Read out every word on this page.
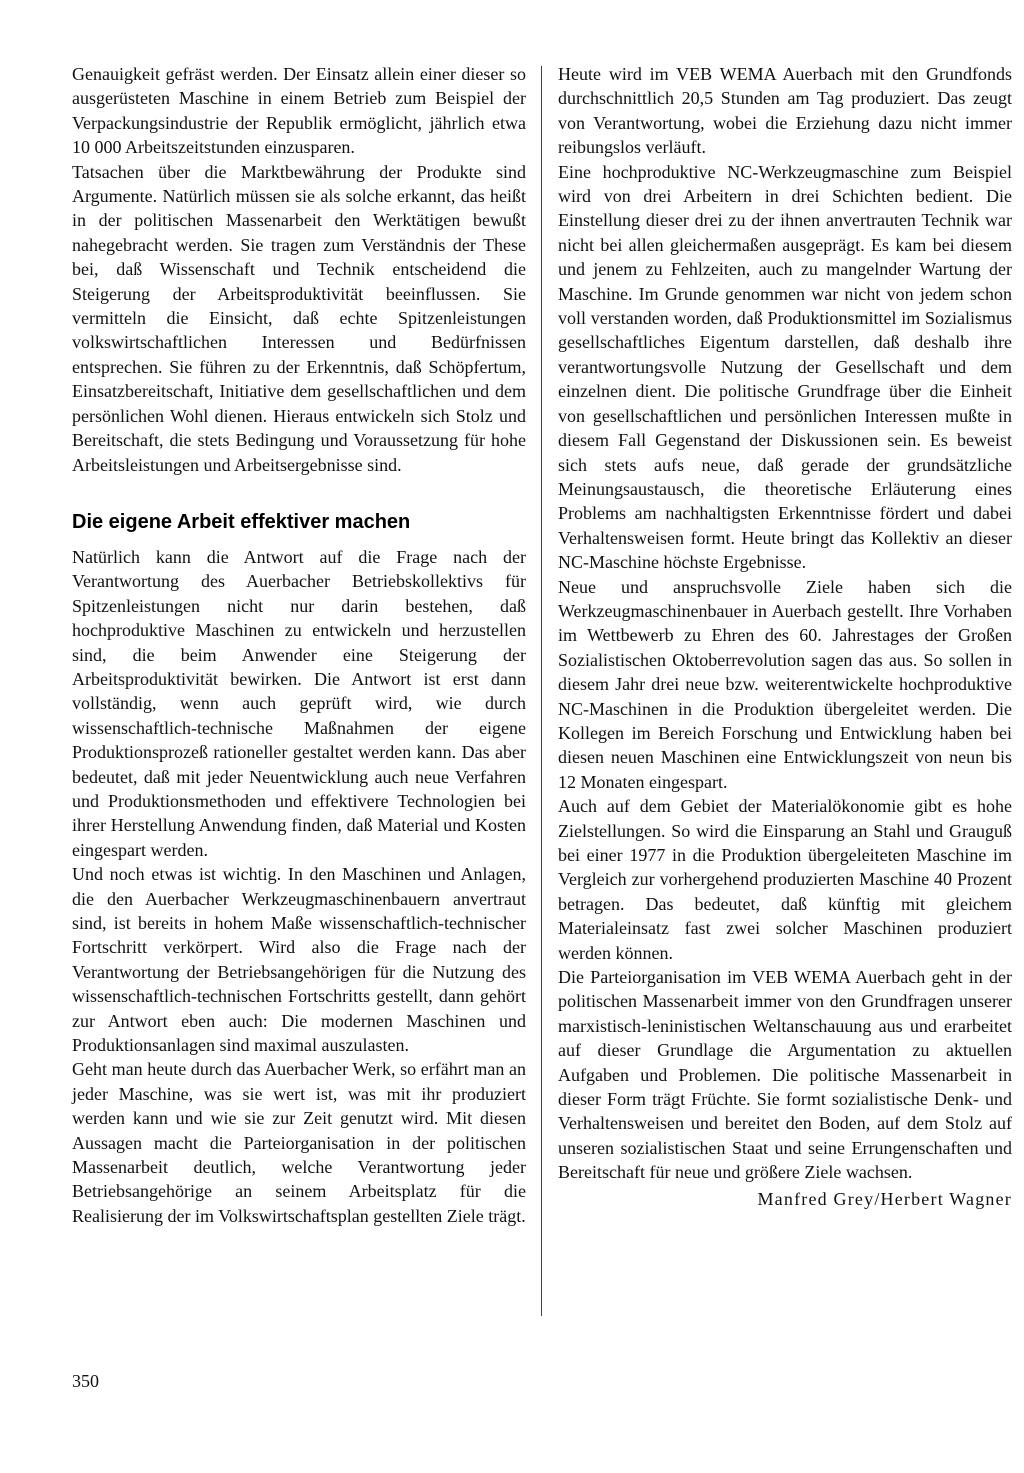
Genauigkeit gefräst werden. Der Einsatz allein einer dieser so ausgerüsteten Maschine in einem Betrieb zum Beispiel der Verpackungsindustrie der Republik ermöglicht, jährlich etwa 10 000 Arbeitszeitstunden einzusparen.

Tatsachen über die Marktbewährung der Produkte sind Argumente. Natürlich müssen sie als solche erkannt, das heißt in der politischen Massenarbeit den Werktätigen bewußt nahegebracht werden. Sie tragen zum Verständnis der These bei, daß Wissenschaft und Technik entscheidend die Steigerung der Arbeitsproduktivität beeinflussen. Sie vermitteln die Einsicht, daß echte Spitzenleistungen volkswirtschaftlichen Interessen und Bedürfnissen entsprechen. Sie führen zu der Erkenntnis, daß Schöpfertum, Einsatzbereitschaft, Initiative dem gesellschaftlichen und dem persönlichen Wohl dienen. Hieraus entwickeln sich Stolz und Bereitschaft, die stets Bedingung und Voraussetzung für hohe Arbeitsleistungen und Arbeitsergebnisse sind.

Die eigene Arbeit effektiver machen

Natürlich kann die Antwort auf die Frage nach der Verantwortung des Auerbacher Betriebskollektivs für Spitzenleistungen nicht nur darin bestehen, daß hochproduktive Maschinen zu entwickeln und herzustellen sind, die beim Anwender eine Steigerung der Arbeitsproduktivität bewirken. Die Antwort ist erst dann vollständig, wenn auch geprüft wird, wie durch wissenschaftlich-technische Maßnahmen der eigene Produktionsprozeß rationeller gestaltet werden kann. Das aber bedeutet, daß mit jeder Neuentwicklung auch neue Verfahren und Produktionsmethoden und effektivere Technologien bei ihrer Herstellung Anwendung finden, daß Material und Kosten eingespart werden.

Und noch etwas ist wichtig. In den Maschinen und Anlagen, die den Auerbacher Werkzeugmaschinenbauern anvertraut sind, ist bereits in hohem Maße wissenschaftlich-technischer Fortschritt verkörpert. Wird also die Frage nach der Verantwortung der Betriebsangehörigen für die Nutzung des wissenschaftlich-technischen Fortschritts gestellt, dann gehört zur Antwort eben auch: Die modernen Maschinen und Produktionsanlagen sind maximal auszulasten.

Geht man heute durch das Auerbacher Werk, so erfährt man an jeder Maschine, was sie wert ist, was mit ihr produziert werden kann und wie sie zur Zeit genutzt wird. Mit diesen Aussagen macht die Parteiorganisation in der politischen Massenarbeit deutlich, welche Verantwortung jeder Betriebsangehörige an seinem Arbeitsplatz für die Realisierung der im Volkswirtschaftsplan gestellten Ziele trägt.

Heute wird im VEB WEMA Auerbach mit den Grundfonds durchschnittlich 20,5 Stunden am Tag produziert. Das zeugt von Verantwortung, wobei die Erziehung dazu nicht immer reibungslos verläuft.

Eine hochproduktive NC-Werkzeugmaschine zum Beispiel wird von drei Arbeitern in drei Schichten bedient. Die Einstellung dieser drei zu der ihnen anvertrauten Technik war nicht bei allen gleichermaßen ausgeprägt. Es kam bei diesem und jenem zu Fehlzeiten, auch zu mangelnder Wartung der Maschine. Im Grunde genommen war nicht von jedem schon voll verstanden worden, daß Produktionsmittel im Sozialismus gesellschaftliches Eigentum darstellen, daß deshalb ihre verantwortungsvolle Nutzung der Gesellschaft und dem einzelnen dient. Die politische Grundfrage über die Einheit von gesellschaftlichen und persönlichen Interessen mußte in diesem Fall Gegenstand der Diskussionen sein. Es beweist sich stets aufs neue, daß gerade der grundsätzliche Meinungsaustausch, die theoretische Erläuterung eines Problems am nachhaltigsten Erkenntnisse fördert und dabei Verhaltensweisen formt. Heute bringt das Kollektiv an dieser NC-Maschine höchste Ergebnisse.

Neue und anspruchsvolle Ziele haben sich die Werkzeugmaschinenbauer in Auerbach gestellt. Ihre Vorhaben im Wettbewerb zu Ehren des 60. Jahrestages der Großen Sozialistischen Oktoberrevolution sagen das aus. So sollen in diesem Jahr drei neue bzw. weiterentwickelte hochproduktive NC-Maschinen in die Produktion übergeleitet werden. Die Kollegen im Bereich Forschung und Entwicklung haben bei diesen neuen Maschinen eine Entwicklungszeit von neun bis 12 Monaten eingespart.

Auch auf dem Gebiet der Materialökonomie gibt es hohe Zielstellungen. So wird die Einsparung an Stahl und Grauguß bei einer 1977 in die Produktion übergeleiteten Maschine im Vergleich zur vorhergehend produzierten Maschine 40 Prozent betragen. Das bedeutet, daß künftig mit gleichem Materialeinsatz fast zwei solcher Maschinen produziert werden können.

Die Parteiorganisation im VEB WEMA Auerbach geht in der politischen Massenarbeit immer von den Grundfragen unserer marxistisch-leninistischen Weltanschauung aus und erarbeitet auf dieser Grundlage die Argumentation zu aktuellen Aufgaben und Problemen. Die politische Massenarbeit in dieser Form trägt Früchte. Sie formt sozialistische Denk- und Verhaltensweisen und bereitet den Boden, auf dem Stolz auf unseren sozialistischen Staat und seine Errungenschaften und Bereitschaft für neue und größere Ziele wachsen.

Manfred Grey/Herbert Wagner

350
